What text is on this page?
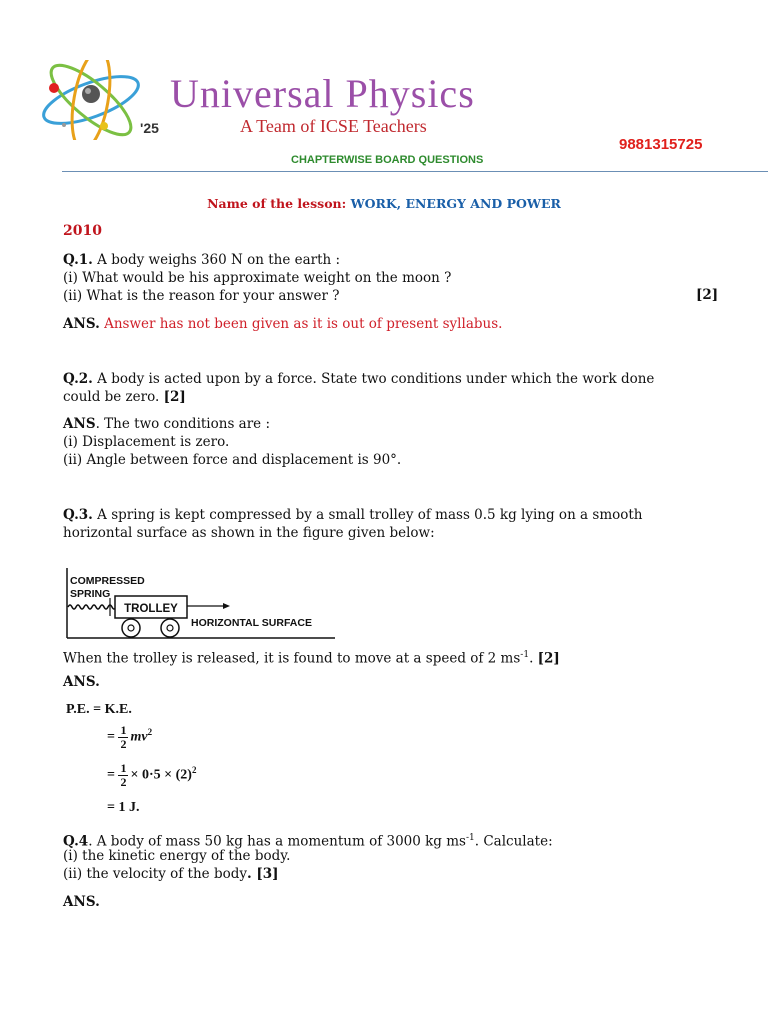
Universal Physics
'25	A Team of ICSE Teachers
9881315725
CHAPTERWISE BOARD QUESTIONS
Name of the lesson: WORK, ENERGY AND POWER
2010
Q.1. A body weighs 360 N on the earth :
(i) What would be his approximate weight on the moon ?
(ii) What is the reason for your answer ?	[2]
ANS. Answer has not been given as it is out of present syllabus.
Q.2. A body is acted upon by a force. State two conditions under which the work done
could be zero. [2]
ANS. The two conditions are :
(i) Displacement is zero.
(ii) Angle between force and displacement is 90°.
Q.3. A spring is kept compressed by a small trolley of mass 0.5 kg lying on a smooth
horizontal surface as shown in the figure given below:
COMPRESSED
SPRING
TROLLEY
HORIZONTAL SURFACE
When the trolley is released, it is found to move at a speed of 2 $ms^{-1}$. [2]
ANS.
P.E. = K.E.
= $\frac{1}{2} mv^2$
= $\frac{1}{2} \times 0\cdot 5 \times (2)^2$
= 1 J.
Q.4. A body of mass 50 kg has a momentum of 3000 kg $ms^{-1}$. Calculate:
(i) the kinetic energy of the body.
(ii) the velocity of the body. [3]
ANS.
